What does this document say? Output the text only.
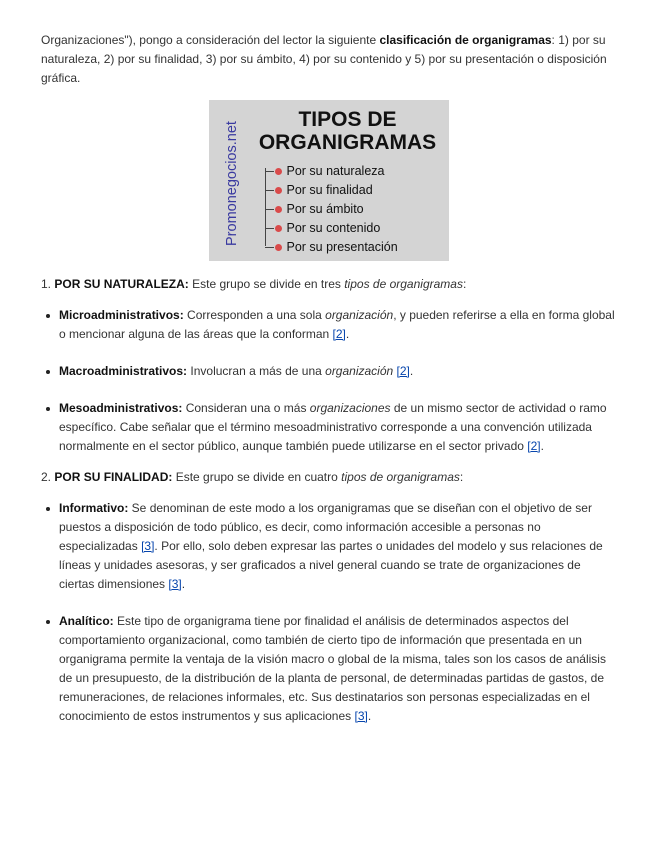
Organizaciones"), pongo a consideración del lector la siguiente clasificación de organigramas: 1) por su naturaleza, 2) por su finalidad, 3) por su ámbito, 4) por su contenido y 5) por su presentación o disposición gráfica.

Promonegocios.net
TIPOS DE
ORGANIGRAMAS
Por su naturaleza
Por su finalidad
Por su ámbito
Por su contenido
Por su presentación

1. POR SU NATURALEZA: Este grupo se divide en tres tipos de organigramas:

Microadministrativos: Corresponden a una sola organización, y pueden referirse a ella en forma global o mencionar alguna de las áreas que la conforman [2].
Macroadministrativos: Involucran a más de una organización [2].
Mesoadministrativos: Consideran una o más organizaciones de un mismo sector de actividad o ramo específico. Cabe señalar que el término mesoadministrativo corresponde a una convención utilizada normalmente en el sector público, aunque también puede utilizarse en el sector privado [2].

2. POR SU FINALIDAD: Este grupo se divide en cuatro tipos de organigramas:

Informativo: Se denominan de este modo a los organigramas que se diseñan con el objetivo de ser puestos a disposición de todo público, es decir, como información accesible a personas no especializadas [3]. Por ello, solo deben expresar las partes o unidades del modelo y sus relaciones de líneas y unidades asesoras, y ser graficados a nivel general cuando se trate de organizaciones de ciertas dimensiones [3].
Analítico: Este tipo de organigrama tiene por finalidad el análisis de determinados aspectos del comportamiento organizacional, como también de cierto tipo de información que presentada en un organigrama permite la ventaja de la visión macro o global de la misma, tales son los casos de análisis de un presupuesto, de la distribución de la planta de personal, de determinadas partidas de gastos, de remuneraciones, de relaciones informales, etc. Sus destinatarios son personas especializadas en el conocimiento de estos instrumentos y sus aplicaciones [3].
